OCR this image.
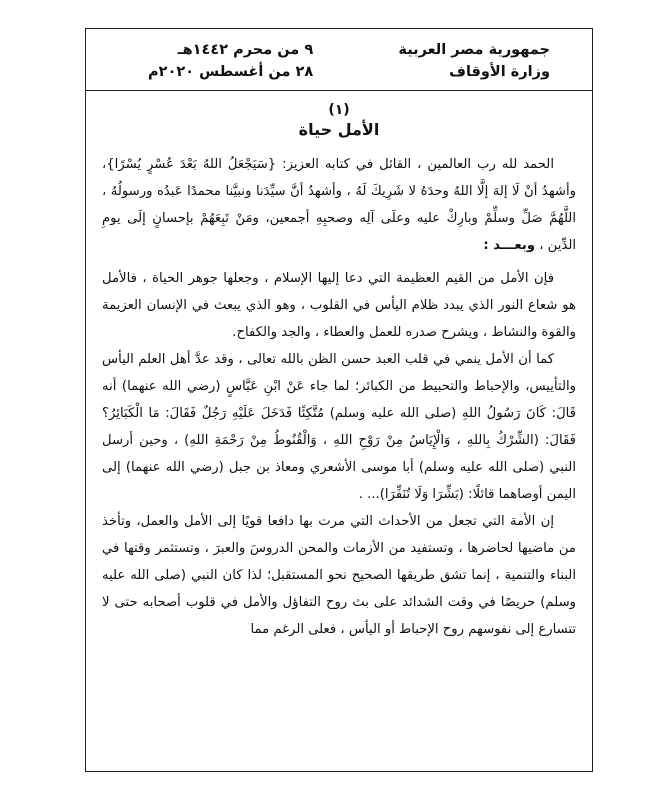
جمهورية مصر العربية
وزارة الأوقاف
٩ من محرم ١٤٤٢هـ
٢٨ من أغسطس ٢٠٢٠م
(١)
الأمل حياة

الحمد لله رب العالمين ، القائل في كتابه العزيز: {سَيَجْعَلُ اللهُ بَعْدَ عُسْرٍ يُسْرًا}، وأشهدُ أنْ لَا إلهَ إلَّا اللهُ وحدَهُ لا شَرِيكَ لَهُ ، وأشهدُ أنَّ سيِّدَنا ونبيَّنا محمدًا عَبدُه ورسولُهُ ، اللَّهُمَّ صَلِّ وسلِّمْ وبارِكْ عليه وعلَى آلِه وصحبِهِ أجمعين، ومَنْ تَبِعَهُمْ بإحسانٍ إلَى يومِ الدِّين ، وبعـــد :

فإن الأمل من القيم العظيمة التي دعا إليها الإسلام ، وجعلها جوهر الحياة ، فالأمل هو شعاع النور الذي يبدد ظلام اليأس في القلوب ، وهو الذي يبعث في الإنسان العزيمة والقوة والنشاط ، ويشرح صدره للعمل والعطاء ، والجد والكفاح.

كما أن الأمل ينمي في قلب العبد حسن الظن بالله تعالى ، وقد عدَّ أهل العلم اليأس والتأييس، والإحباط والتحبيط من الكبائر؛ لما جاء عَنْ ابْنِ عَبَّاسٍ (رضي الله عنهما) أنه قَالَ: كَانَ رَسُولُ اللهِ (صلى الله عليه وسلم) مُتَّكِئًا فَدَخَلَ عَلَيْهِ رَجُلٌ فَقَالَ: مَا الْكَبَائِرُ؟ فَقَالَ: (الشِّرْكُ بِاللهِ ، وَالْإِيَاسُ مِنْ رَوْحِ اللهِ ، وَالْقُنُوطُ مِنْ رَحْمَةِ اللهِ) ، وحين أرسل النبي (صلى الله عليه وسلم) أبا موسى الأشعري ومعاذ بن جبل (رضي الله عنهما) إلى اليمن أوصاهما قائلًا: (بَشِّرَا وَلَا تُنَفِّرَا)... .

إن الأمة التي تجعل من الأحداث التي مرت بها دافعا قويًا إلى الأمل والعمل، وتأخذ من ماضيها لحاضرها ، وتستفيد من الأزمات والمحن الدروسَ والعبرَ ، وتستثمر وقتها في البناء والتنمية ، إنما تشق طريقها الصحيح نحو المستقبل؛ لذا كان النبي (صلى الله عليه وسلم) حريصًا في وقت الشدائد على بث روح التفاؤل والأمل في قلوب أصحابه حتى لا تتسارع إلى نفوسهم روح الإحباط أو اليأس ، فعلى الرغم مما
